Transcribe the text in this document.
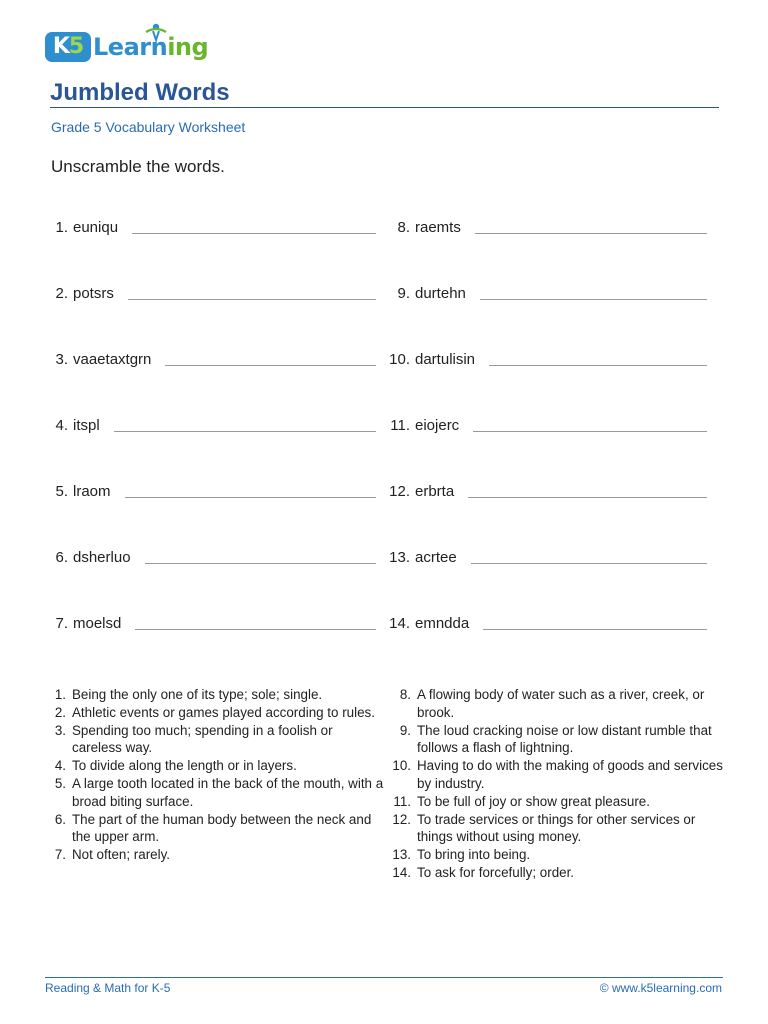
K5 Learning
Jumbled Words
Grade 5 Vocabulary Worksheet
Unscramble the words.
1. euniqu
2. potsrs
3. vaaetaxtgrn
4. itspl
5. lraom
6. dsherluo
7. moelsd
8. raemts
9. durtehn
10. dartulisin
11. eiojerc
12. erbrta
13. acrtee
14. emndda
1. Being the only one of its type; sole; single.
2. Athletic events or games played according to rules.
3. Spending too much; spending in a foolish or careless way.
4. To divide along the length or in layers.
5. A large tooth located in the back of the mouth, with a broad biting surface.
6. The part of the human body between the neck and the upper arm.
7. Not often; rarely.
8. A flowing body of water such as a river, creek, or brook.
9. The loud cracking noise or low distant rumble that follows a flash of lightning.
10. Having to do with the making of goods and services by industry.
11. To be full of joy or show great pleasure.
12. To trade services or things for other services or things without using money.
13. To bring into being.
14. To ask for forcefully; order.
Reading & Math for K-5	© www.k5learning.com
